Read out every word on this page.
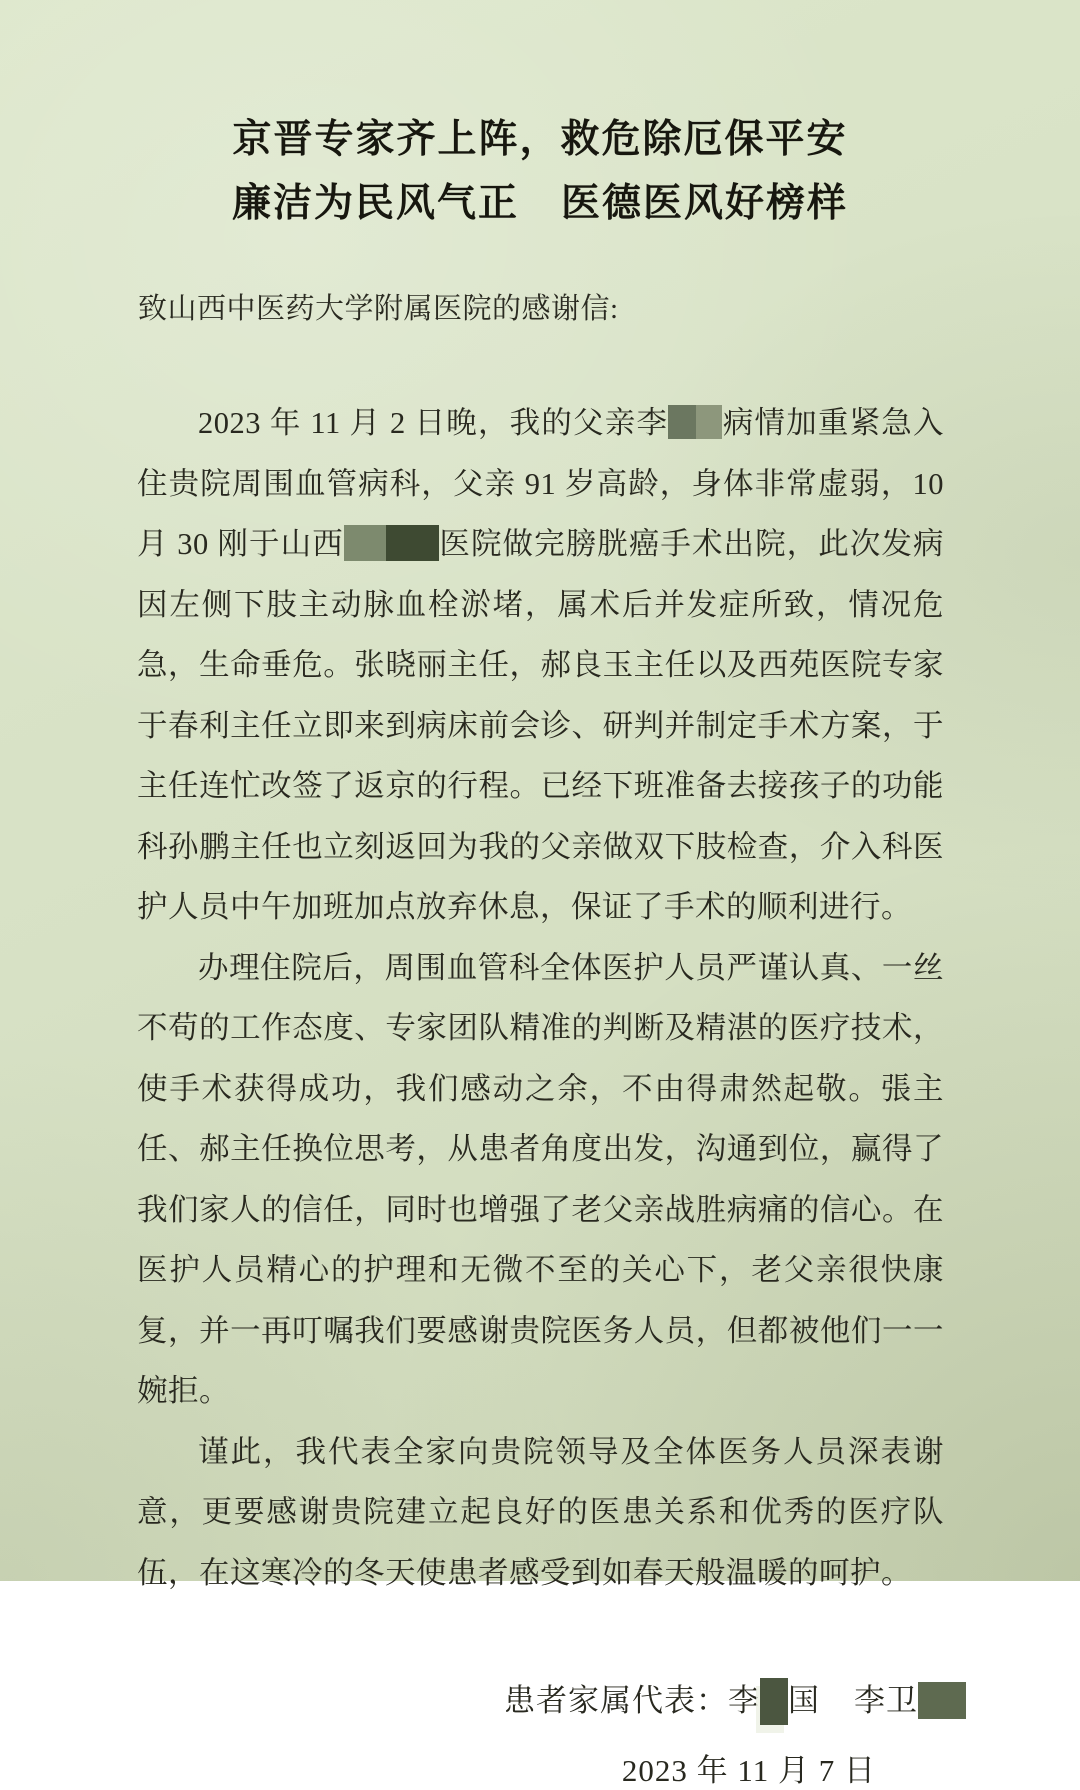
京晋专家齐上阵，救危除厄保平安
廉洁为民风气正 医德医风好榜样
致山西中医药大学附属医院的感谢信:

2023 年 11 月 2 日晚，我的父亲李 病情加重紧急入住贵院周围血管病科，父亲 91 岁高龄，身体非常虚弱，10 月 30 刚于山西	医院做完膀胱癌手术出院，此次发病因左侧下肢主动脉血栓淤堵，属术后并发症所致，情况危急，生命垂危。张晓丽主任，郝良玉主任以及西苑医院专家于春利主任立即来到病床前会诊、研判并制定手术方案，于主任连忙改签了返京的行程。已经下班准备去接孩子的功能科孙鹏主任也立刻返回为我的父亲做双下肢检查，介入科医护人员中午加班加点放弃休息，保证了手术的顺利进行。

办理住院后，周围血管科全体医护人员严谨认真、一丝不苟的工作态度、专家团队精准的判断及精湛的医疗技术，使手术获得成功，我们感动之余，不由得肃然起敬。張主任、郝主任换位思考，从患者角度出发，沟通到位，赢得了我们家人的信任，同时也增强了老父亲战胜病痛的信心。在医护人员精心的护理和无微不至的关心下，老父亲很快康复，并一再叮嘱我们要感谢贵院医务人员，但都被他们一一婉拒。

谨此，我代表全家向贵院领导及全体医务人员深表谢意，更要感谢贵院建立起良好的医患关系和优秀的医疗队伍，在这寒冷的冬天使患者感受到如春天般温暖的呵护。

患者家属代表：李 国 李卫
2023 年 11 月 7 日
